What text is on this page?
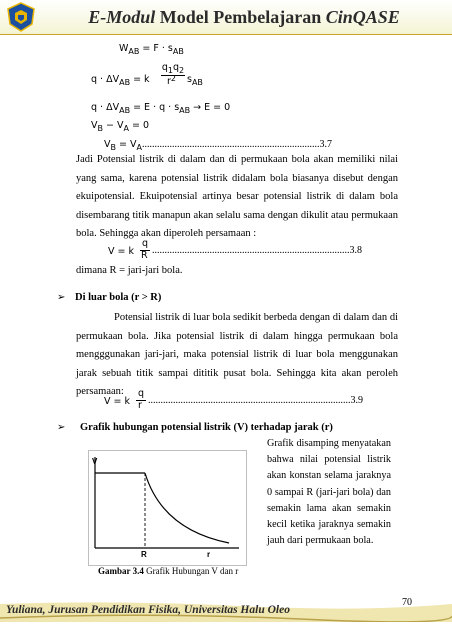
E-Modul Model Pembelajaran CinQASE
$W_{AB} = F \cdot s_{AB}$
$q \cdot \Delta V_{AB} = k$
$q_1q_2$
$r^2$ $s_{AB}$
$q \cdot \Delta V_{AB} = E \cdot q \cdot s_{AB} \to E = 0$
$V_B - V_A = 0$
$V_B = V_A.......................................................................3.7$
Jadi Potensial listrik di dalam dan di permukaan bola akan memiliki nilai yang sama, karena potensial listrik didalam bola biasanya disebut dengan ekuipotensial. Ekuipotensial artinya besar potensial listrik di dalam bola disembarang titik manapun akan selalu sama dengan dikulit atau permukaan bola. Sehingga akan diperoleh persamaan :
V = k
q
R ...............................................................................3.8
dimana R = jari-jari bola.
➢ Di luar bola (r > R)
Potensial listrik di luar bola sedikit berbeda dengan di dalam dan di permukaan bola. Jika potensial listrik di dalam hingga permukaan bola mengggunakan jari-jari, maka potensial listrik di luar bola menggunakan jarak sebuah titik sampai dititik pusat bola. Sehingga kita akan peroleh persamaan:
V = k
q
r .................................................................................3.9
➢ Grafik hubungan potensial listrik (V) terhadap jarak (r)
V
R	r
Gambar 3.4 Grafik Hubungan V dan r
Grafik disamping menyatakan bahwa nilai potensial listrik akan konstan selama jaraknya 0 sampai R (jari-jari bola) dan semakin lama akan semakin kecil ketika jaraknya semakin jauh dari permukaan bola.
Yuliana, Jurusan Pendidikan Fisika, Universitas Halu Oleo
70
